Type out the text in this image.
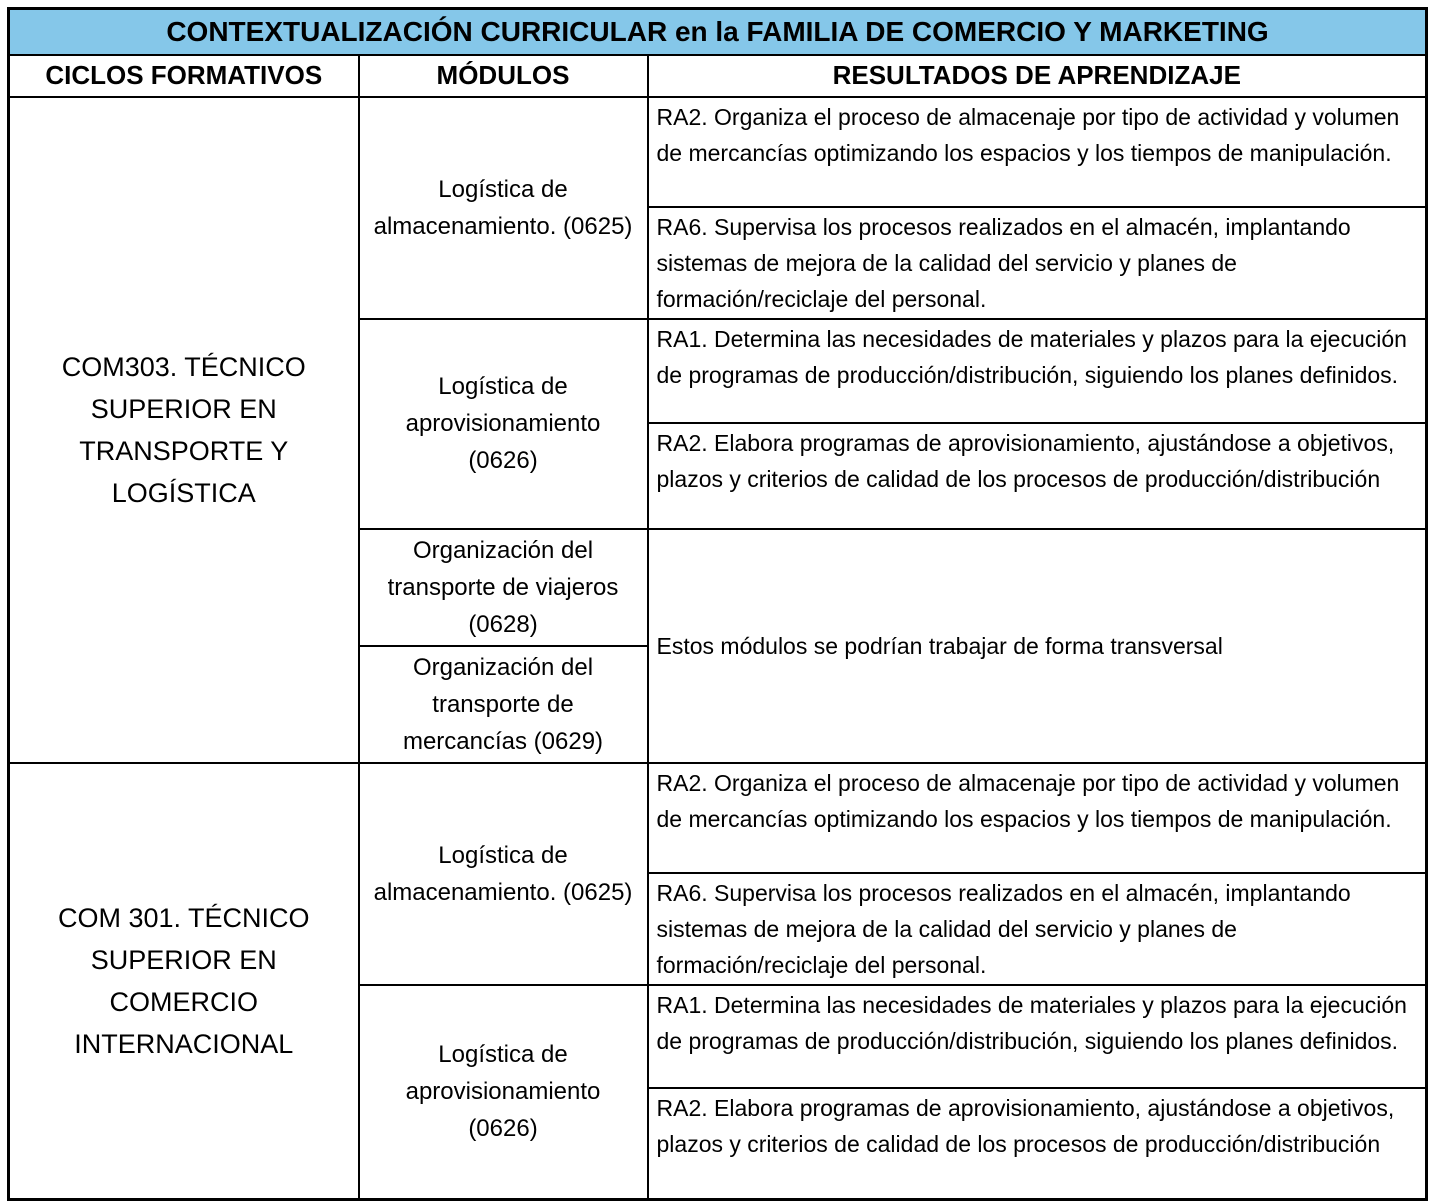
CONTEXTUALIZACIÓN CURRICULAR en la FAMILIA DE COMERCIO Y MARKETING		
CICLOS FORMATIVOS	MÓDULOS	RESULTADOS DE APRENDIZAJE
COM303. TÉCNICO SUPERIOR EN TRANSPORTE Y LOGÍSTICA	Logística de almacenamiento. (0625)	RA2. Organiza el proceso de almacenaje por tipo de actividad y volumen de mercancías optimizando los espacios y los tiempos de manipulación.
		RA6. Supervisa los procesos realizados en el almacén, implantando sistemas de mejora de la calidad del servicio y planes de formación/reciclaje del personal.
	Logística de aprovisionamiento (0626)	RA1. Determina las necesidades de materiales y plazos para la ejecución de programas de producción/distribución, siguiendo los planes definidos.
		RA2. Elabora programas de aprovisionamiento, ajustándose a objetivos, plazos y criterios de calidad de los procesos de producción/distribución
	Organización del transporte de viajeros (0628)	Estos módulos se podrían trabajar de forma transversal
	Organización del transporte de mercancías (0629)	
COM 301. TÉCNICO SUPERIOR EN COMERCIO INTERNACIONAL	Logística de almacenamiento. (0625)	RA2. Organiza el proceso de almacenaje por tipo de actividad y volumen de mercancías optimizando los espacios y los tiempos de manipulación.
		RA6. Supervisa los procesos realizados en el almacén, implantando sistemas de mejora de la calidad del servicio y planes de formación/reciclaje del personal.
	Logística de aprovisionamiento (0626)	RA1. Determina las necesidades de materiales y plazos para la ejecución de programas de producción/distribución, siguiendo los planes definidos.
		RA2. Elabora programas de aprovisionamiento, ajustándose a objetivos, plazos y criterios de calidad de los procesos de producción/distribución
